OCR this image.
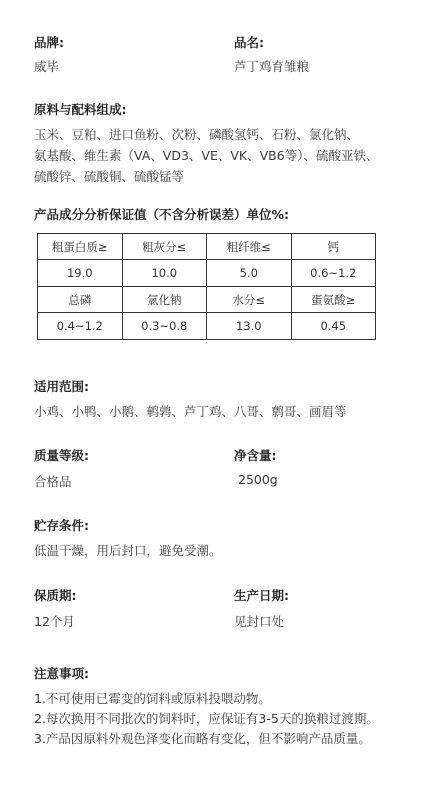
品牌:
威毕
品名:
芦丁鸡育雏粮
原料与配料组成:
玉米、豆粕、进口鱼粉、次粉、磷酸氢钙、石粉、氯化钠、
氨基酸、维生素（VA、VD3、VE、VK、VB6等）、硫酸亚铁、
硫酸锌、硫酸铜、硫酸锰等
产品成分分析保证值（不含分析误差）单位%:
粗蛋白质≥	粗灰分≤	粗纤维≤	钙
19.0	10.0	5.0	0.6~1.2
总磷	氯化钠	水分≤	蛋氨酸≥
0.4~1.2	0.3~0.8	13.0	0.45
适用范围:
小鸡、小鸭、小鹅、鹌鹑、芦丁鸡、八哥、鹩哥、画眉等
质量等级:
合格品
净含量:
2500g
贮存条件:
低温干燥，用后封口，避免受潮。
保质期:
12个月
生产日期:
见封口处
注意事项:
1.不可使用已霉变的饲料或原料投喂动物。
2.每次换用不同批次的饲料时，应保证有3-5天的换粮过渡期。
3.产品因原料外观色泽变化而略有变化，但不影响产品质量。
